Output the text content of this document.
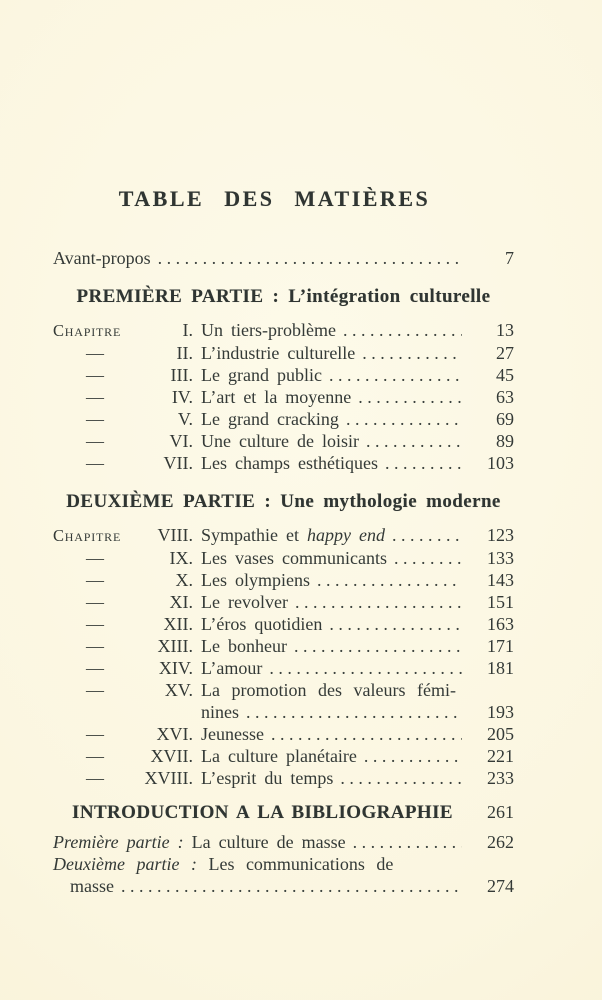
TABLE DES MATIÈRES
Avant-propos . . .	7
PREMIÈRE PARTIE : L’intégration culturelle
Chapitre	I. Un tiers-problème . . .	13
—	II. L’industrie culturelle . . .	27
—	III. Le grand public . . .	45
—	IV. L’art et la moyenne . . .	63
—	V. Le grand cracking . . .	69
—	VI. Une culture de loisir . . .	89
—	VII. Les champs esthétiques . . .	103
DEUXIÈME PARTIE : Une mythologie moderne
Chapitre	VIII. Sympathie et happy end . . .	123
—	IX. Les vases communicants . . .	133
—	X. Les olympiens . . .	143
—	XI. Le revolver . . .	151
—	XII. L’éros quotidien . . .	163
—	XIII. Le bonheur . . .	171
—	XIV. L’amour . . .	181
—	XV. La promotion des valeurs fémi-
nines . . .	193
—	XVI. Jeunesse . . .	205
—	XVII. La culture planétaire . . .	221
—	XVIII. L’esprit du temps . . .	233
INTRODUCTION A LA BIBLIOGRAPHIE	261
Première partie : La culture de masse . . .	262
Deuxième partie : Les communications de
masse . . .	274
